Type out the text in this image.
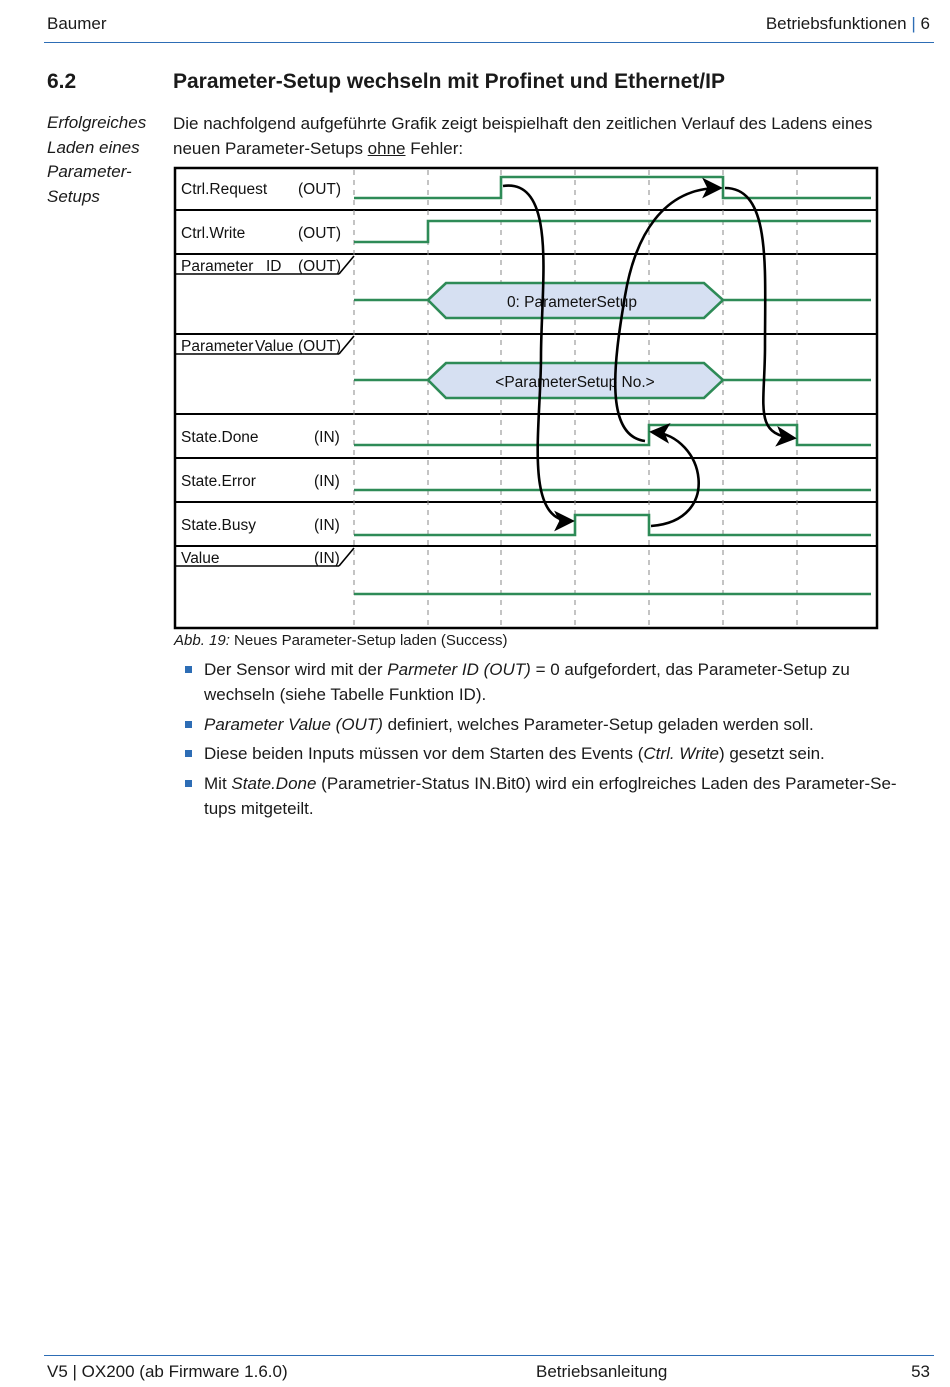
Baumer	Betriebsfunktionen | 6
6.2	Parameter-Setup wechseln mit Profinet und Ethernet/IP
Erfolgreiches
Laden eines
Parameter-
Setups
Die nachfolgend aufgeführte Grafik zeigt beispielhaft den zeitlichen Verlauf des Ladens eines neuen Parameter-Setups ohne Fehler:
Ctrl.Request (OUT)
Ctrl.Write	(OUT)
Parameter ID (OUT)
Parameter Value (OUT)
State.Done	(IN)
State.Error	(IN)
State.Busy	(IN)
Value	(IN)
0: ParameterSetup
<ParameterSetup No.>
Abb. 19: Neues Parameter-Setup laden (Success)
Der Sensor wird mit der Parmeter ID (OUT) = 0 aufgefordert, das Parameter-Setup zu wechseln (siehe Tabelle Funktion ID).
Parameter Value (OUT) definiert, welches Parameter-Setup geladen werden soll.
Diese beiden Inputs müssen vor dem Starten des Events (Ctrl. Write) gesetzt sein.
Mit State.Done (Parametrier-Status IN.Bit0) wird ein erfoglreiches Laden des Parameter-Se-tups mitgeteilt.
V5 | OX200 (ab Firmware 1.6.0)	Betriebsanleitung	53
